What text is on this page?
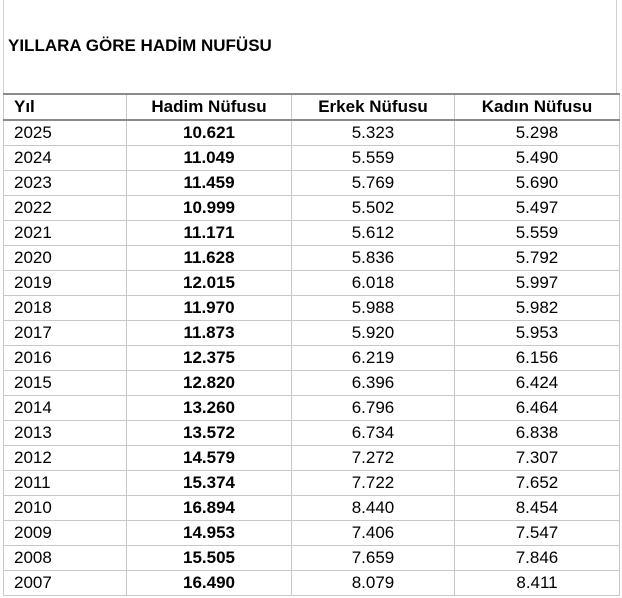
YILLARA GÖRE HADİM NUFÜSU
Yıl	Hadim Nüfusu	Erkek Nüfusu	Kadın Nüfusu
2025	10.621	5.323	5.298
2024	11.049	5.559	5.490
2023	11.459	5.769	5.690
2022	10.999	5.502	5.497
2021	11.171	5.612	5.559
2020	11.628	5.836	5.792
2019	12.015	6.018	5.997
2018	11.970	5.988	5.982
2017	11.873	5.920	5.953
2016	12.375	6.219	6.156
2015	12.820	6.396	6.424
2014	13.260	6.796	6.464
2013	13.572	6.734	6.838
2012	14.579	7.272	7.307
2011	15.374	7.722	7.652
2010	16.894	8.440	8.454
2009	14.953	7.406	7.547
2008	15.505	7.659	7.846
2007	16.490	8.079	8.411
